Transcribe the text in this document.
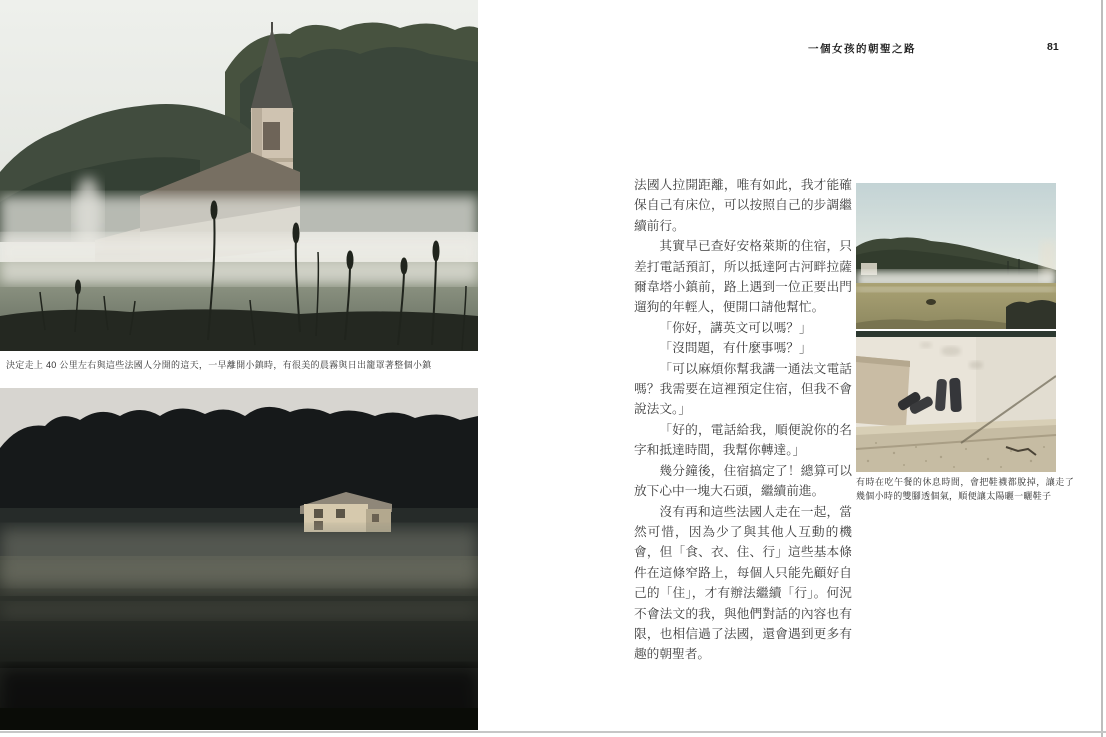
決定走上 40 公里左右與這些法國人分開的這天，一早離開小鎮時，有很美的晨霧與日出籠罩著整個小鎮
一個女孩的朝聖之路	81

法國人拉開距離，唯有如此，我才能確保自己有床位，可以按照自己的步調繼續前行。

其實早已查好安格萊斯的住宿，只差打電話預訂，所以抵達阿古河畔拉薩爾韋塔小鎮前，路上遇到一位正要出門遛狗的年輕人，便開口請他幫忙。

「你好，講英文可以嗎？」

「沒問題，有什麼事嗎？」

「可以麻煩你幫我講一通法文電話嗎？我需要在這裡預定住宿，但我不會說法文。」

「好的，電話給我，順便說你的名字和抵達時間，我幫你轉達。」

幾分鐘後，住宿搞定了！總算可以放下心中一塊大石頭，繼續前進。

沒有再和這些法國人走在一起，當然可惜，因為少了與其他人互動的機會，但「食、衣、住、行」這些基本條件在這條窄路上，每個人只能先顧好自己的「住」，才有辦法繼續「行」。何況不會法文的我，與他們對話的內容也有限，也相信過了法國，還會遇到更多有趣的朝聖者。

有時在吃午餐的休息時間，會把鞋襪都脫掉，讓走了幾個小時的雙腳透個氣，順便讓太陽曬一曬鞋子
